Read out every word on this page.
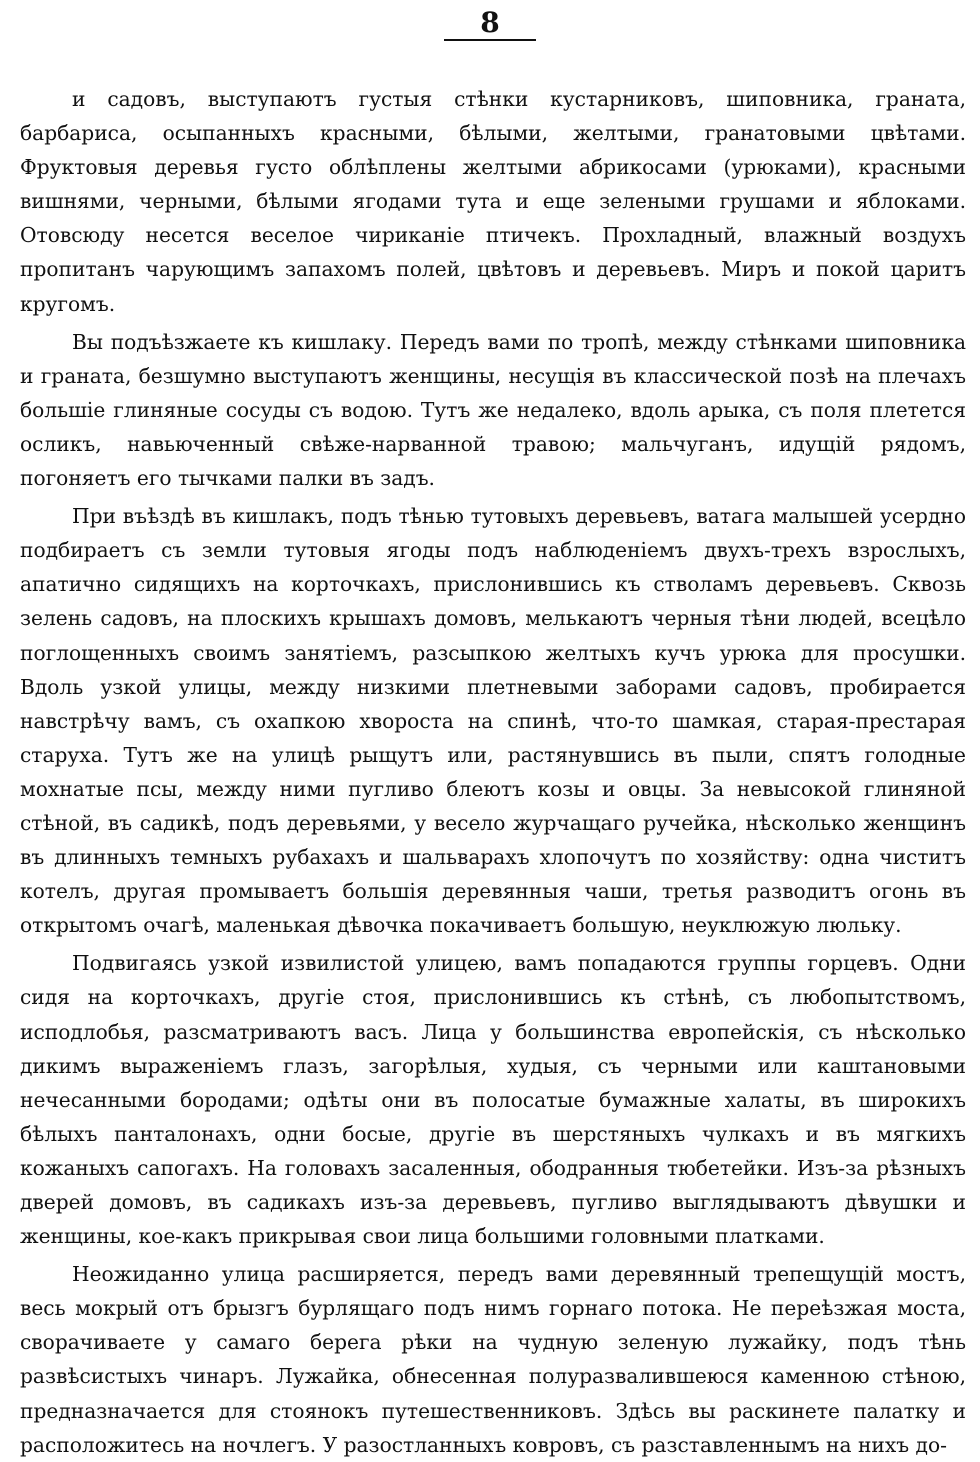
8

и садовъ, выступаютъ густыя стѣнки кустарниковъ, шиповника, граната, барбариса, осыпанныхъ красными, бѣлыми, желтыми, гранатовыми цвѣтами. Фруктовыя деревья густо облѣплены желтыми абрикосами (урюками), красными вишнями, черными, бѣлыми ягодами тута и еще зелеными грушами и яблоками. Отовсюду несется веселое чириканіе птичекъ. Прохладный, влажный воздухъ пропитанъ чарующимъ запахомъ полей, цвѣтовъ и деревьевъ. Миръ и покой царитъ кругомъ.

Вы подъѣзжаете къ кишлаку. Передъ вами по тропѣ, между стѣнками шиповника и граната, безшумно выступаютъ женщины, несущія въ классической позѣ на плечахъ большіе глиняные сосуды съ водою. Тутъ же недалеко, вдоль арыка, съ поля плетется осликъ, навьюченный свѣже-нарванной травою; мальчуганъ, идущій рядомъ, погоняетъ его тычками палки въ задъ.

При въѣздѣ въ кишлакъ, подъ тѣнью тутовыхъ деревьевъ, ватага малышей усердно подбираетъ съ земли тутовыя ягоды подъ наблюденіемъ двухъ-трехъ взрослыхъ, апатично сидящихъ на корточкахъ, прислонившись къ стволамъ деревьевъ. Сквозь зелень садовъ, на плоскихъ крышахъ домовъ, мелькаютъ черныя тѣни людей, всецѣло поглощенныхъ своимъ занятіемъ, разсыпкою желтыхъ кучъ урюка для просушки. Вдоль узкой улицы, между низкими плетневыми заборами садовъ, пробирается навстрѣчу вамъ, съ охапкою хвороста на спинѣ, что-то шамкая, старая-престарая старуха. Тутъ же на улицѣ рыщутъ или, растянувшись въ пыли, спятъ голодные мохнатые псы, между ними пугливо блеютъ козы и овцы. За невысокой глиняной стѣной, въ садикѣ, подъ деревьями, у весело журчащаго ручейка, нѣсколько женщинъ въ длинныхъ темныхъ рубахахъ и шальварахъ хлопочутъ по хозяйству: одна чиститъ котелъ, другая промываетъ большія деревянныя чаши, третья разводитъ огонь въ открытомъ очагѣ, маленькая дѣвочка покачиваетъ большую, неуклюжую люльку.

Подвигаясь узкой извилистой улицею, вамъ попадаются группы горцевъ. Одни сидя на корточкахъ, другіе стоя, прислонившись къ стѣнѣ, съ любопытствомъ, исподлобья, разсматриваютъ васъ. Лица у большинства европейскія, съ нѣсколько дикимъ выраженіемъ глазъ, загорѣлыя, худыя, съ черными или каштановыми нечесанными бородами; одѣты они въ полосатые бумажные халаты, въ широкихъ бѣлыхъ панталонахъ, одни босые, другіе въ шерстяныхъ чулкахъ и въ мягкихъ кожаныхъ сапогахъ. На головахъ засаленныя, ободранныя тюбетейки. Изъ-за рѣзныхъ дверей домовъ, въ садикахъ изъ-за деревьевъ, пугливо выглядываютъ дѣвушки и женщины, кое-какъ прикрывая свои лица большими головными платками.

Неожиданно улица расширяется, передъ вами деревянный трепещущій мостъ, весь мокрый отъ брызгъ бурлящаго подъ нимъ горнаго потока. Не переѣзжая моста, сворачиваете у самаго берега рѣки на чудную зеленую лужайку, подъ тѣнь развѣсистыхъ чинаръ. Лужайка, обнесенная полуразвалившеюся каменною стѣною, предназначается для стоянокъ путешественниковъ. Здѣсь вы раскинете палатку и расположитесь на ночлегъ. У разостланныхъ ковровъ, съ разставленнымъ на нихъ до-
